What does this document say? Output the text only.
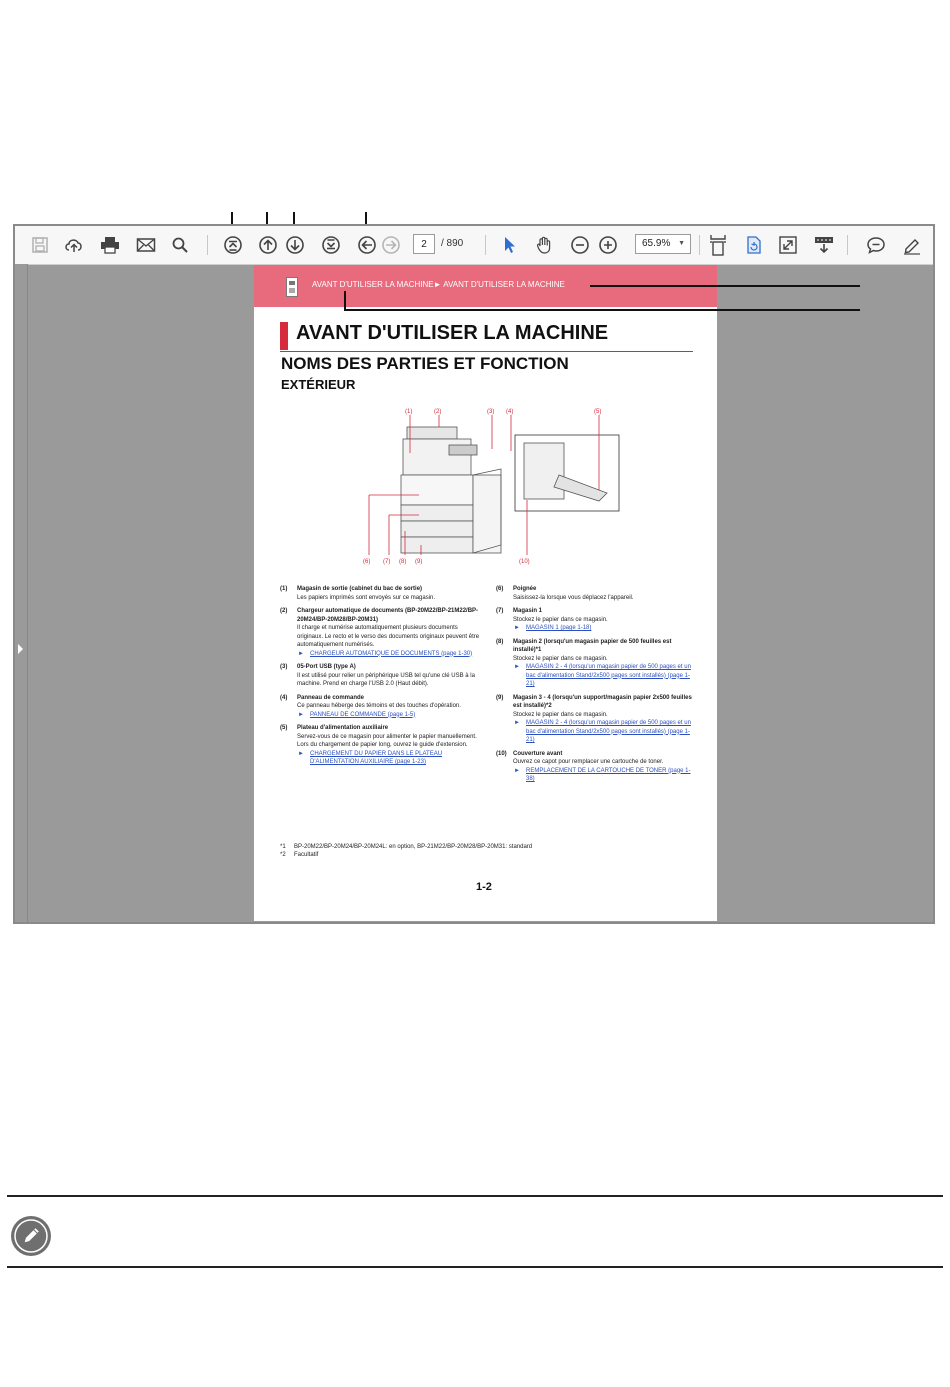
2	/ 890	65.9% ▼
AVANT D'UTILISER LA MACHINE► AVANT D'UTILISER LA MACHINE
AVANT D'UTILISER LA MACHINE
NOMS DES PARTIES ET FONCTION
EXTÉRIEUR
(1)	(2)	(3) (4)	(5)
(6) (7) (8) (9)	(10)
(1) Magasin de sortie (cabinet du bac de sortie)
Les papiers imprimés sont envoyés sur ce magasin.
(2) Chargeur automatique de documents (BP-20M22/BP-21M22/BP-20M24/BP-20M28/BP-20M31)
Il charge et numérise automatiquement plusieurs documents originaux. Le recto et le verso des documents originaux peuvent être automatiquement numérisés.
► CHARGEUR AUTOMATIQUE DE DOCUMENTS (page 1-30)
(3) 05-Port USB (type A)
Il est utilisé pour relier un périphérique USB tel qu'une clé USB à la machine. Prend en charge l'USB 2.0 (Haut débit).
(4) Panneau de commande
Ce panneau héberge des témoins et des touches d'opération.
► PANNEAU DE COMMANDE (page 1-5)
(5) Plateau d'alimentation auxiliaire
Servez-vous de ce magasin pour alimenter le papier manuellement. Lors du chargement de papier long, ouvrez le guide d'extension.
► CHARGEMENT DU PAPIER DANS LE PLATEAU D'ALIMENTATION AUXILIAIRE (page 1-23)
(6) Poignée
Saisissez-la lorsque vous déplacez l'appareil.
(7) Magasin 1
Stockez le papier dans ce magasin.
► MAGASIN 1 (page 1-18)
(8) Magasin 2 (lorsqu'un magasin papier de 500 feuilles est installé)*1
Stockez le papier dans ce magasin.
► MAGASIN 2 - 4 (lorsqu'un magasin papier de 500 pages et un bac d'alimentation Stand/2x500 pages sont installés) (page 1-21)
(9) Magasin 3 - 4 (lorsqu'un support/magasin papier 2x500 feuilles est installé)*2
Stockez le papier dans ce magasin.
► MAGASIN 2 - 4 (lorsqu'un magasin papier de 500 pages et un bac d'alimentation Stand/2x500 pages sont installés) (page 1-21)
(10) Couverture avant
Ouvrez ce capot pour remplacer une cartouche de toner.
► REMPLACEMENT DE LA CARTOUCHE DE TONER (page 1-38)
*1 BP-20M22/BP-20M24/BP-20M24L: en option, BP-21M22/BP-20M28/BP-20M31: standard
*2 Facultatif
1-2
